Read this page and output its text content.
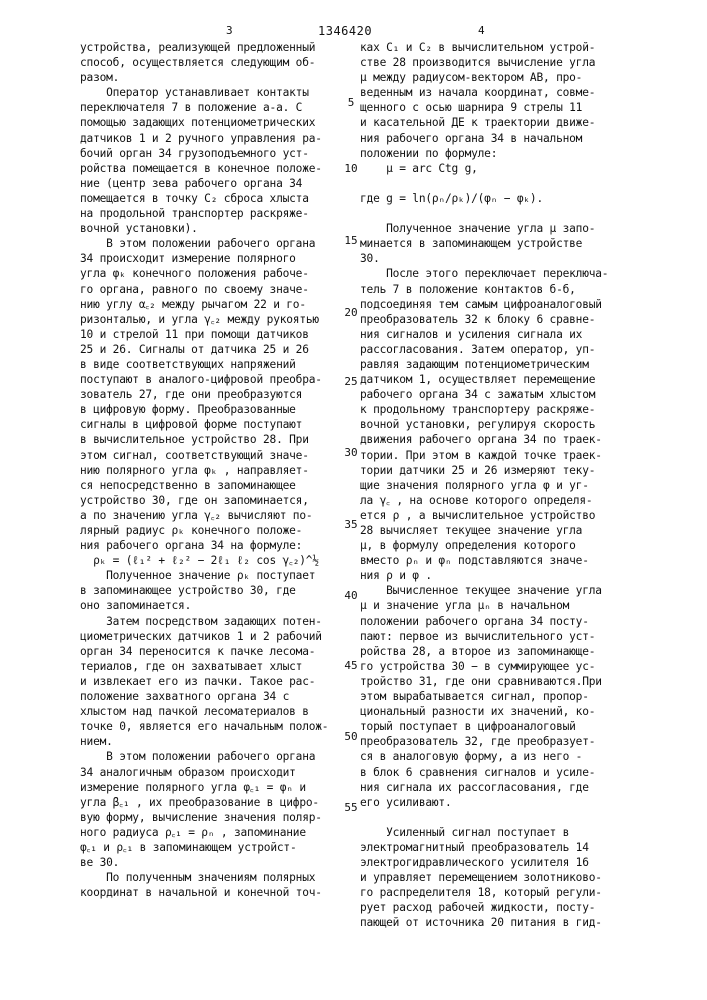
3	1346420	4
устройства, реализующей предложенный
способ, осуществляется следующим об-
разом.
Оператор устанавливает контакты
переключателя 7 в положение а-а. С
помощью задающих потенциометрических
датчиков 1 и 2 ручного управления ра-
бочий орган 34 грузоподъемного уст-
ройства помещается в конечное положе-
ние (центр зева рабочего органа 34
помещается в точку C₂ сброса хлыста
на продольной транспортер раскряже-
вочной установки).
В этом положении рабочего органа
34 происходит измерение полярного
угла φₖ конечного положения рабоче-
го органа, равного по своему значе-
нию углу α꜀₂ между рычагом 22 и го-
ризонталью, и угла γ꜀₂ между рукоятью
10 и стрелой 11 при помощи датчиков
25 и 26. Сигналы от датчика 25 и 26
в виде соответствующих напряжений
поступают в аналого-цифровой преобра-
зователь 27, где они преобразуются
в цифровую форму. Преобразованные
сигналы в цифровой форме поступают
в вычислительное устройство 28. При
этом сигнал, соответствующий значе-
нию полярного угла φₖ , направляет-
ся непосредственно в запоминающее
устройство 30, где он запоминается,
а по значению угла γ꜀₂ вычисляют по-
лярный радиус ρₖ конечного положе-
ния рабочего органа 34 на формуле:
ρₖ = (ℓ₁² + ℓ₂² − 2ℓ₁ ℓ₂ cos γ꜀₂)^½
Полученное значение ρₖ поступает
в запоминающее устройство 30, где
оно запоминается.
Затем посредством задающих потен-
циометрических датчиков 1 и 2 рабочий
орган 34 переносится к пачке лесома-
териалов, где он захватывает хлыст
и извлекает его из пачки. Такое рас-
положение захватного органа 34 с
хлыстом над пачкой лесоматериалов в
точке 0, является его начальным полож-
нием.
В этом положении рабочего органа
34 аналогичным образом происходит
измерение полярного угла φ꜀₁ = φₙ и
угла β꜀₁ , их преобразование в цифро-
вую форму, вычисление значения поляр-
ного радиуса ρ꜀₁ = ρₙ , запоминание
φ꜀₁ и ρ꜀₁ в запоминающем устройст-
ве 30.
По полученным значениям полярных
координат в начальной и конечной точ-
5
10
15
20
25
30
35
40
45
50
55
ках C₁ и C₂ в вычислительном устрой-
стве 28 производится вычисление угла
μ между радиусом-вектором АВ, про-
веденным из начала координат, совме-
щенного с осью шарнира 9 стрелы 11
и касательной ДЕ к траектории движе-
ния рабочего органа 34 в начальном
положении по формуле:
μ = arc Ctg g,
где g = ln(ρₙ/ρₖ)/(φₙ − φₖ).
Полученное значение угла μ запо-
минается в запоминающем устройстве
30.
После этого переключает переключа-
тель 7 в положение контактов б-б,
подсоединяя тем самым цифроаналоговый
преобразователь 32 к блоку 6 сравне-
ния сигналов и усиления сигнала их
рассогласования. Затем оператор, уп-
равляя задающим потенциометрическим
датчиком 1, осуществляет перемещение
рабочего органа 34 с зажатым хлыстом
к продольному транспортеру раскряже-
вочной установки, регулируя скорость
движения рабочего органа 34 по траек-
тории. При этом в каждой точке траек-
тории датчики 25 и 26 измеряют теку-
щие значения полярного угла φ и уг-
ла γ꜀ , на основе которого определя-
ется ρ , а вычислительное устройство
28 вычисляет текущее значение угла
μ, в формулу определения которого
вместо ρₙ и φₙ подставляются значе-
ния ρ и φ .
Вычисленное текущее значение угла
μ и значение угла μₙ в начальном
положении рабочего органа 34 посту-
пают: первое из вычислительного уст-
ройства 28, а второе из запоминающе-
го устройства 30 − в суммирующее ус-
тройство 31, где они сравниваются.При
этом вырабатывается сигнал, пропор-
циональный разности их значений, ко-
торый поступает в цифроаналоговый
преобразователь 32, где преобразует-
ся в аналоговую форму, а из него -
в блок 6 сравнения сигналов и усиле-
ния сигнала их рассогласования, где
его усиливают.
Усиленный сигнал поступает в
электромагнитный преобразователь 14
электрогидравлического усилителя 16
и управляет перемещением золотниково-
го распределителя 18, который регули-
рует расход рабочей жидкости, посту-
пающей от источника 20 питания в гид-
